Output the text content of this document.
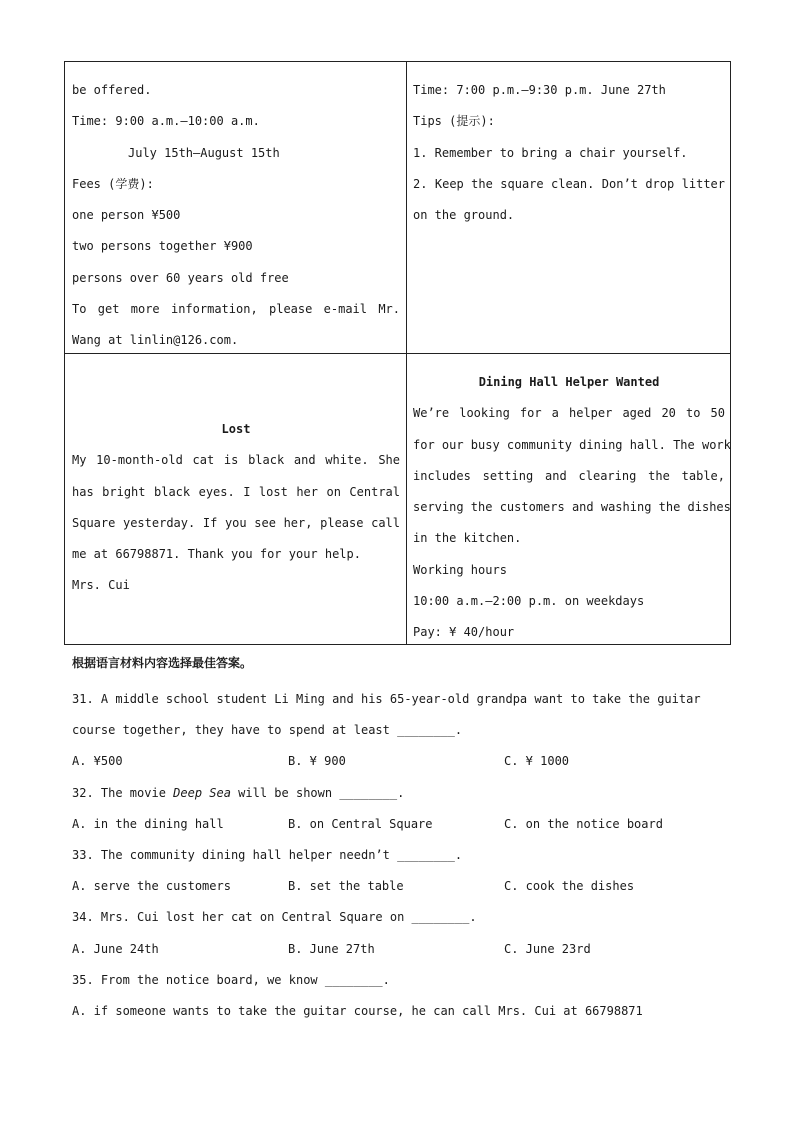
be offered.
Time: 9:00 a.m.—10:00 a.m.
July 15th—August 15th
Fees (学费):
one person ¥500
two persons together ¥900
persons over 60 years old free
To get more information, please e-mail Mr.
Wang at linlin@126.com.
Time: 7:00 p.m.—9:30 p.m. June 27th
Tips (提示):
1. Remember to bring a chair yourself.
2. Keep the square clean. Don’t drop litter
on the ground.
Lost
My 10-month-old cat is black and white. She
has bright black eyes. I lost her on Central
Square yesterday. If you see her, please call
me at 66798871. Thank you for your help.
Mrs. Cui
Dining Hall Helper Wanted
We’re looking for a helper aged 20 to 50
for our busy community dining hall. The work
includes setting and clearing the table,
serving the customers and washing the dishes
in the kitchen.
Working hours
10:00 a.m.—2:00 p.m. on weekdays
Pay: ¥ 40/hour
根据语言材料内容选择最佳答案。
31. A middle school student Li Ming and his 65-year-old grandpa want to take the guitar
course together, they have to spend at least ________.
A. ¥500	B. ¥ 900	C. ¥ 1000
32. The movie Deep Sea will be shown ________.
A. in the dining hall	B. on Central Square	C. on the notice board
33. The community dining hall helper needn’t ________.
A. serve the customers	B. set the table	C. cook the dishes
34. Mrs. Cui lost her cat on Central Square on ________.
A. June 24th	B. June 27th	C. June 23rd
35. From the notice board, we know ________.
A. if someone wants to take the guitar course, he can call Mrs. Cui at 66798871
